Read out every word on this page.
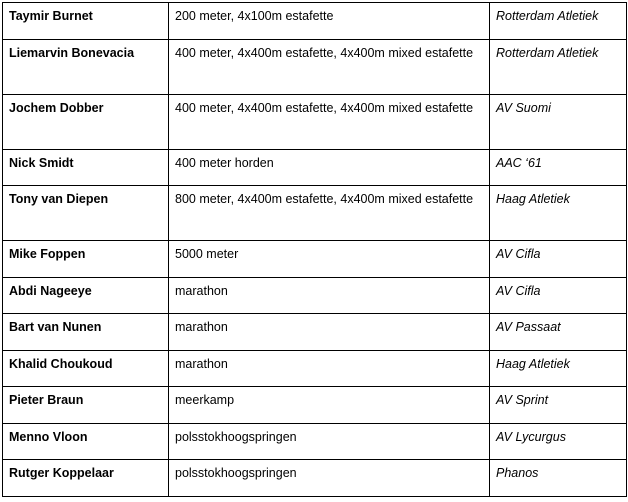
Taymir Burnet	200 meter, 4x100m estafette	Rotterdam Atletiek
Liemarvin Bonevacia	400 meter, 4x400m estafette, 4x400m mixed estafette	Rotterdam Atletiek
Jochem Dobber	400 meter, 4x400m estafette, 4x400m mixed estafette	AV Suomi
Nick Smidt	400 meter horden	AAC ‘61
Tony van Diepen	800 meter, 4x400m estafette, 4x400m mixed estafette	Haag Atletiek
Mike Foppen	5000 meter	AV Cifla
Abdi Nageeye	marathon	AV Cifla
Bart van Nunen	marathon	AV Passaat
Khalid Choukoud	marathon	Haag Atletiek
Pieter Braun	meerkamp	AV Sprint
Menno Vloon	polsstokhoogspringen	AV Lycurgus
Rutger Koppelaar	polsstokhoogspringen	Phanos
